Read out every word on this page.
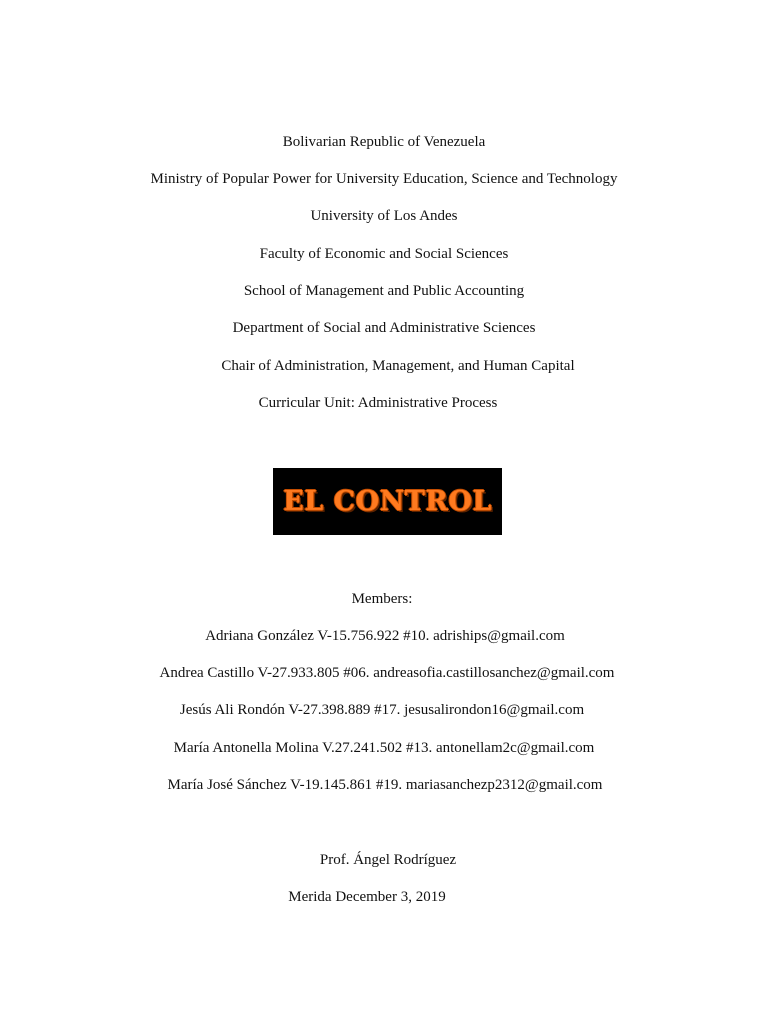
Bolivarian Republic of Venezuela
Ministry of Popular Power for University Education, Science and Technology
University of Los Andes
Faculty of Economic and Social Sciences
School of Management and Public Accounting
Department of Social and Administrative Sciences
Chair of Administration, Management, and Human Capital
Curricular Unit: Administrative Process
EL CONTROL
Members:
Adriana González V-15.756.922 #10. adriships@gmail.com
Andrea Castillo V-27.933.805 #06. andreasofia.castillosanchez@gmail.com
Jesús Ali Rondón V-27.398.889 #17. jesusalirondon16@gmail.com
María Antonella Molina V.27.241.502 #13. antonellam2c@gmail.com
María José Sánchez V-19.145.861 #19. mariasanchezp2312@gmail.com
Prof. Ángel Rodríguez
Merida December 3, 2019
